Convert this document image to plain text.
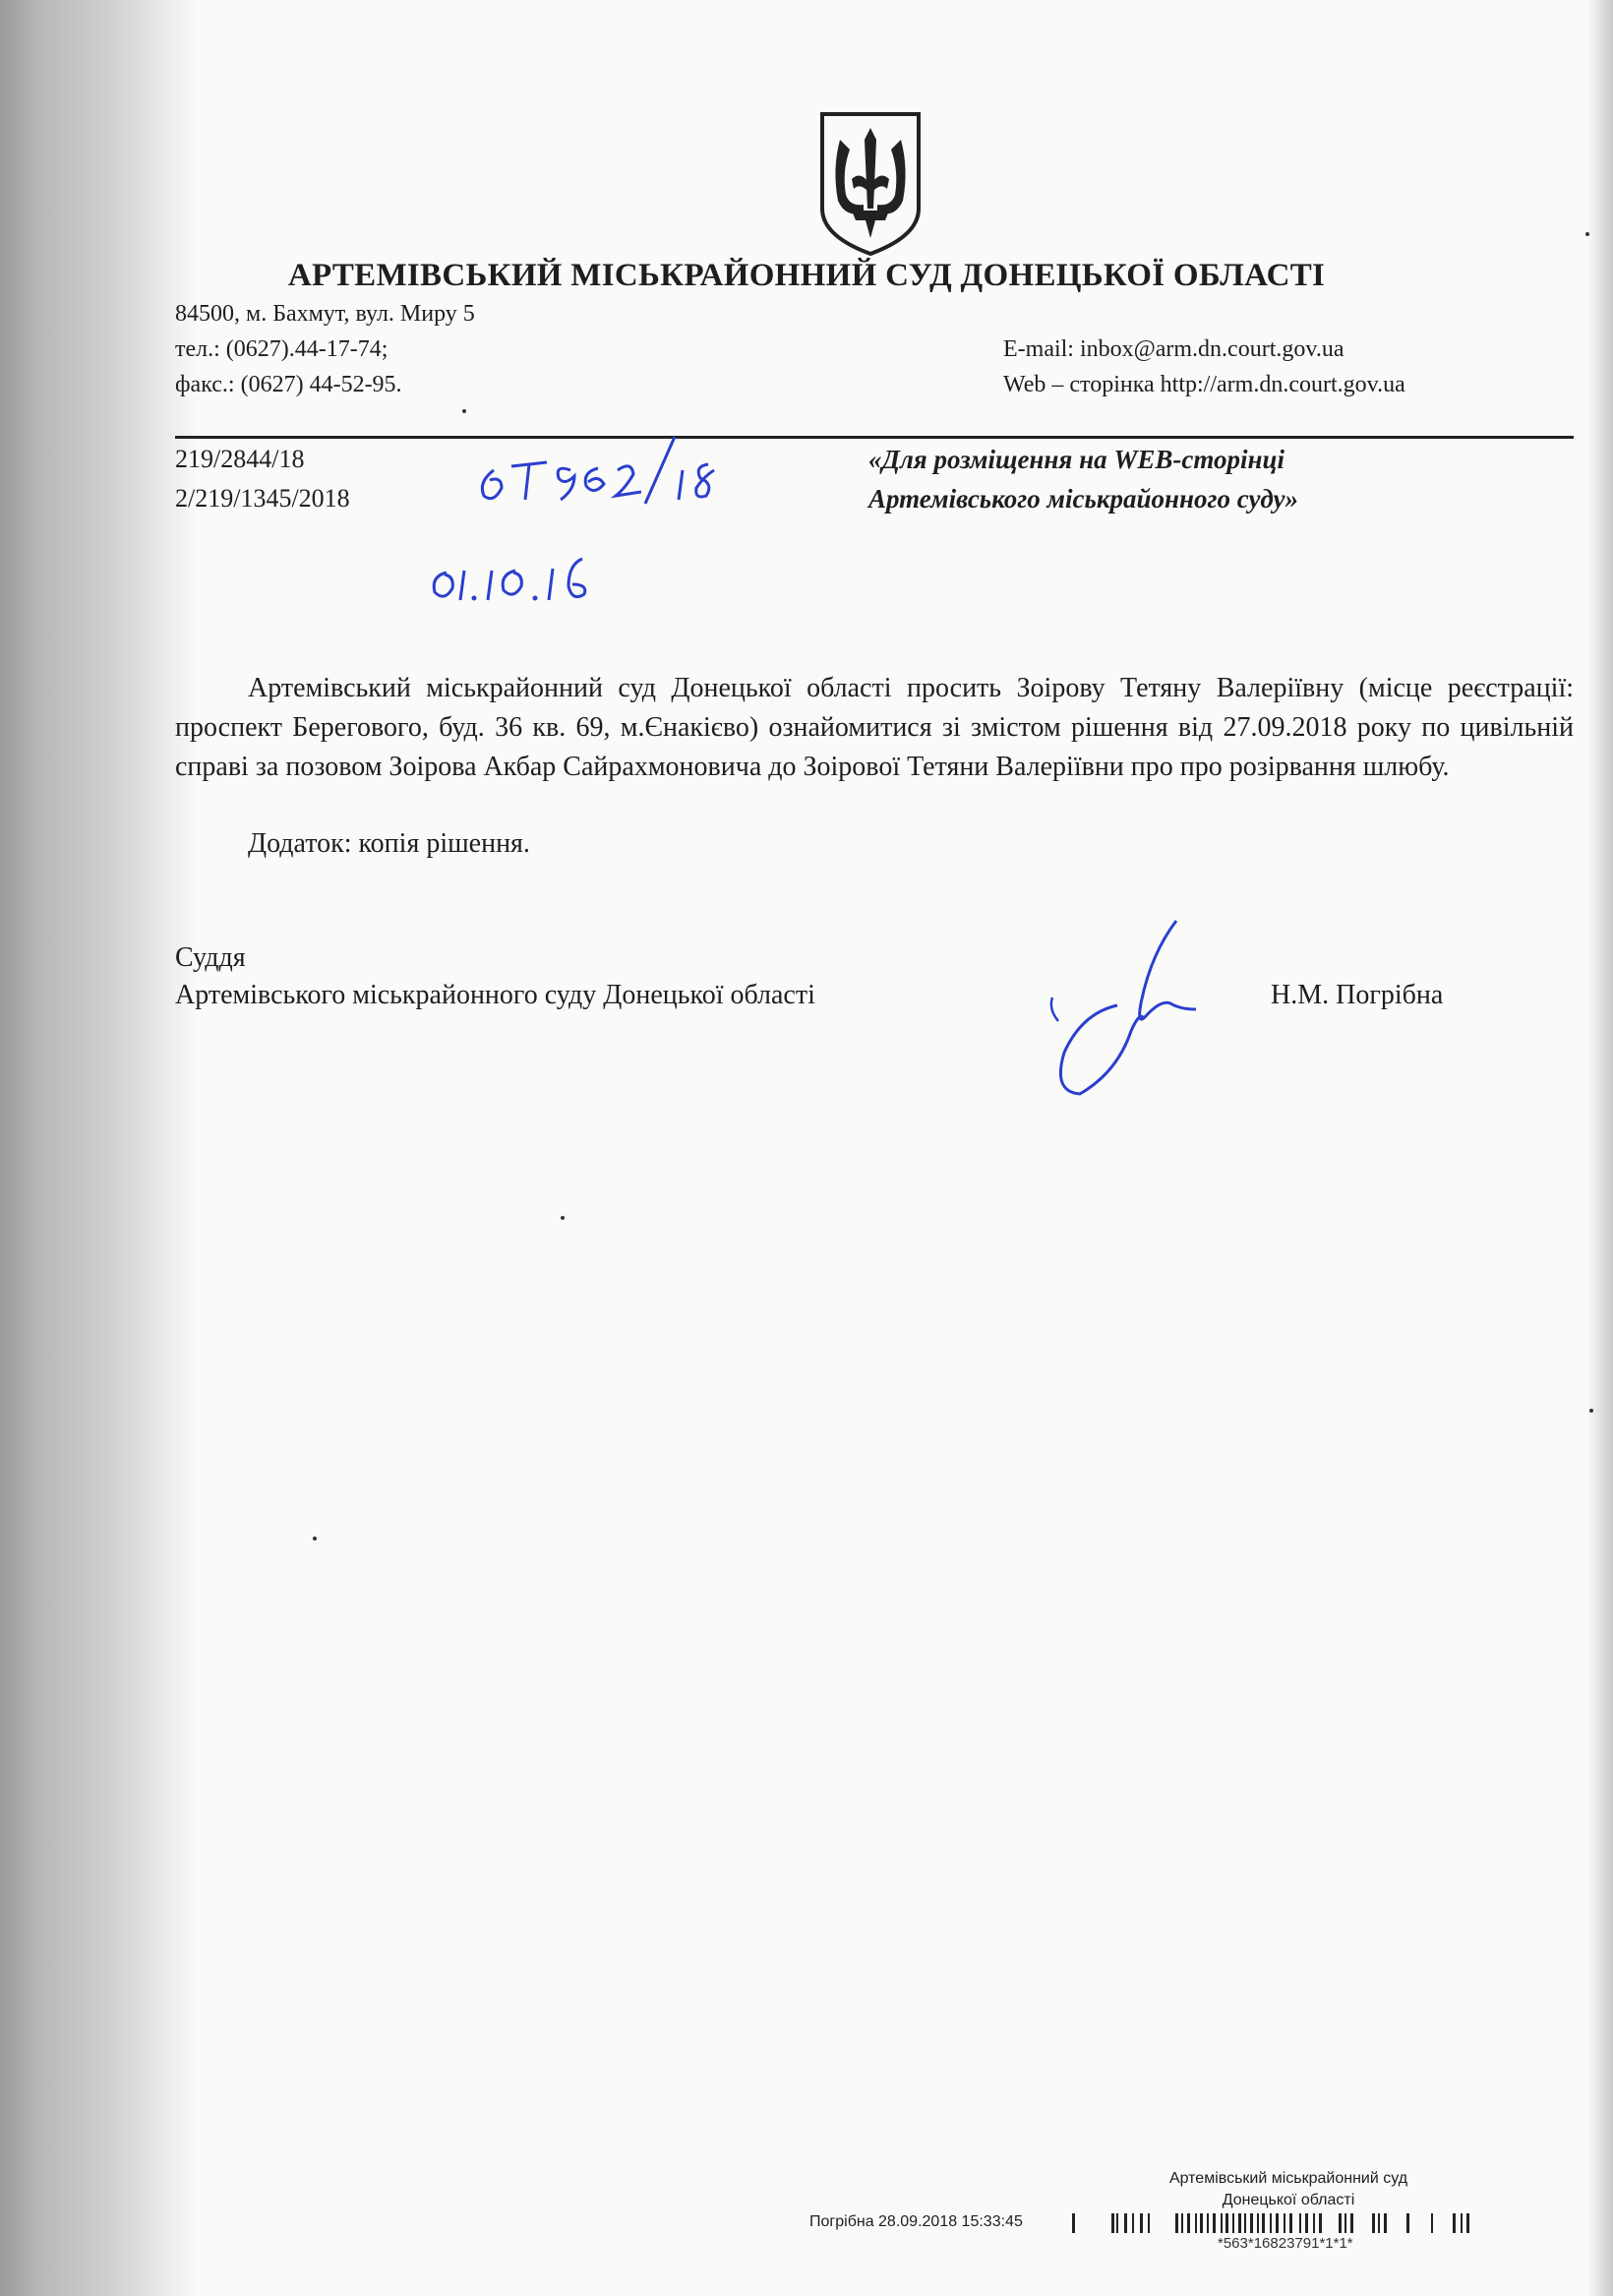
АРТЕМІВСЬКИЙ МІСЬКРАЙОННИЙ СУД ДОНЕЦЬКОЇ ОБЛАСТІ
84500, м. Бахмут, вул. Миру 5
тел.: (0627).44-17-74;
факс.: (0627) 44-52-95.
E-mail: inbox@arm.dn.court.gov.ua
Web – сторінка http://arm.dn.court.gov.ua
219/2844/18
2/219/1345/2018
«Для розміщення на WEB-сторінці
Артемівського міськрайонного суду»

Артемівський міськрайонний суд Донецької області просить Зоірову Тетяну Валеріївну (місце реєстрації: проспект Берегового, буд. 36 кв. 69, м.Єнакієво) ознайомитися зі змістом рішення від 27.09.2018 року по цивільній справі за позовом Зоірова Акбар Сайрахмоновича до Зоірової Тетяни Валеріївни про про розірвання шлюбу.

Додаток: копія рішення.
Суддя
Артемівського міськрайонного суду Донецької області	Н.М. Погрібна
Артемівський міськрайонний суд
Донецької області
Погрібна 28.09.2018 15:33:45
*563*16823791*1*1*
